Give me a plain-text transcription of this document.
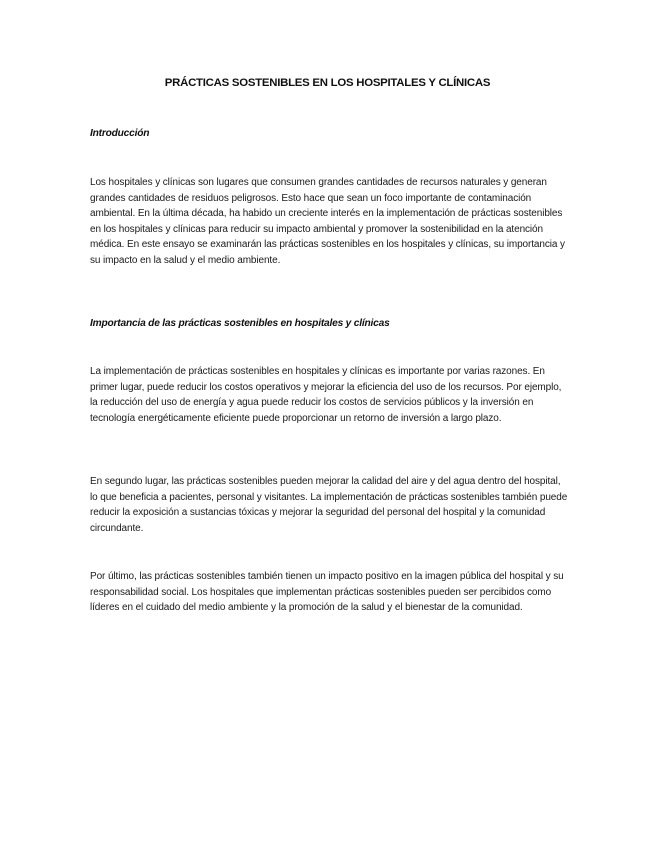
PRÁCTICAS SOSTENIBLES EN LOS HOSPITALES Y CLÍNICAS

Introducción

Los hospitales y clínicas son lugares que consumen grandes cantidades de recursos naturales y generan grandes cantidades de residuos peligrosos. Esto hace que sean un foco importante de contaminación ambiental. En la última década, ha habido un creciente interés en la implementación de prácticas sostenibles en los hospitales y clínicas para reducir su impacto ambiental y promover la sostenibilidad en la atención médica. En este ensayo se examinarán las prácticas sostenibles en los hospitales y clínicas, su importancia y su impacto en la salud y el medio ambiente.

Importancia de las prácticas sostenibles en hospitales y clínicas

La implementación de prácticas sostenibles en hospitales y clínicas es importante por varias razones. En primer lugar, puede reducir los costos operativos y mejorar la eficiencia del uso de los recursos. Por ejemplo, la reducción del uso de energía y agua puede reducir los costos de servicios públicos y la inversión en tecnología energéticamente eficiente puede proporcionar un retorno de inversión a largo plazo.

En segundo lugar, las prácticas sostenibles pueden mejorar la calidad del aire y del agua dentro del hospital, lo que beneficia a pacientes, personal y visitantes. La implementación de prácticas sostenibles también puede reducir la exposición a sustancias tóxicas y mejorar la seguridad del personal del hospital y la comunidad circundante.

Por último, las prácticas sostenibles también tienen un impacto positivo en la imagen pública del hospital y su responsabilidad social. Los hospitales que implementan prácticas sostenibles pueden ser percibidos como líderes en el cuidado del medio ambiente y la promoción de la salud y el bienestar de la comunidad.
